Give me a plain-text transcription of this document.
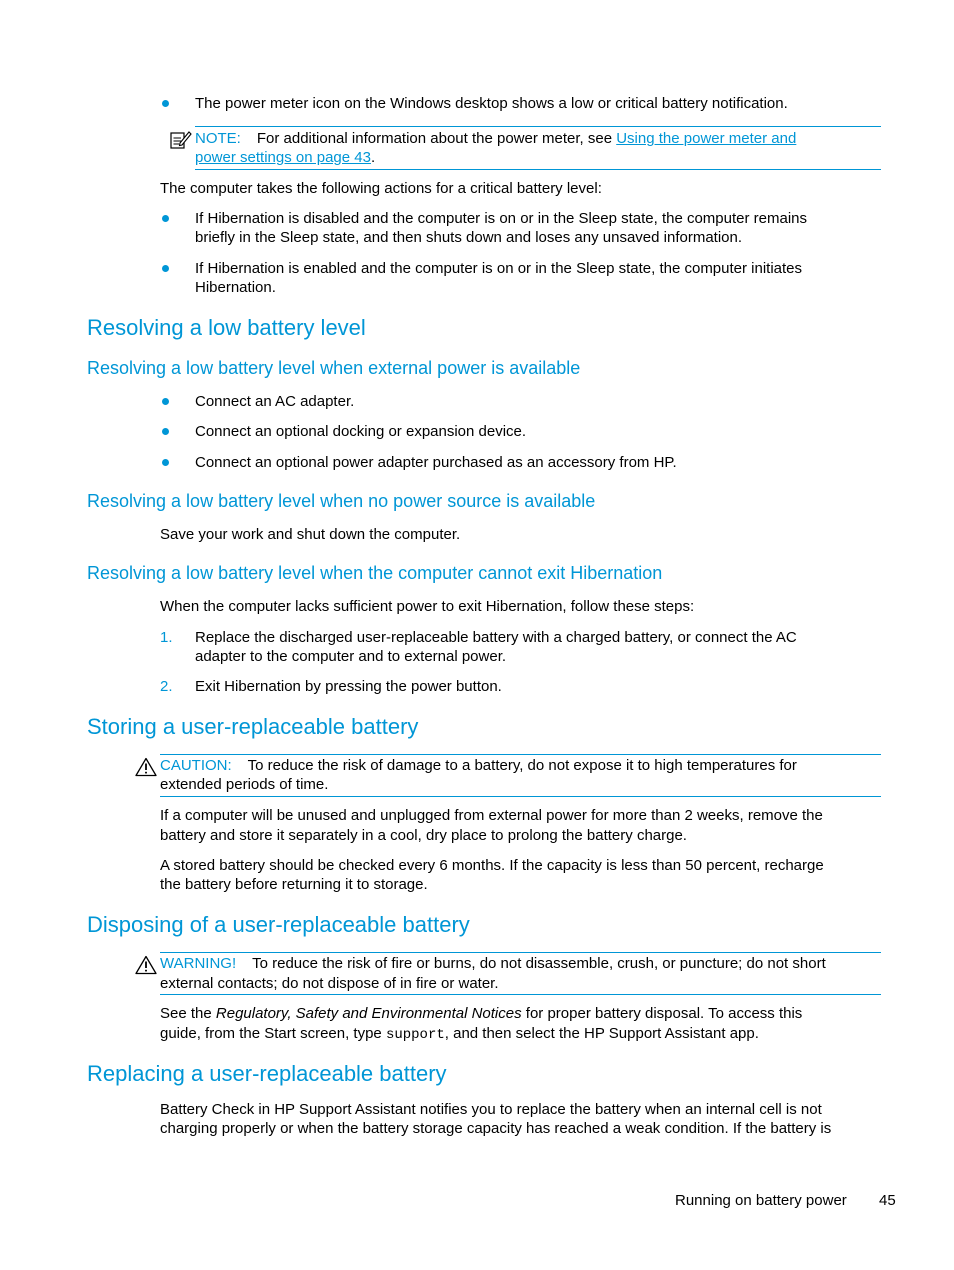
The power meter icon on the Windows desktop shows a low or critical battery notification.
NOTE: For additional information about the power meter, see Using the power meter and
power settings on page 43.
The computer takes the following actions for a critical battery level:
If Hibernation is disabled and the computer is on or in the Sleep state, the computer remains
briefly in the Sleep state, and then shuts down and loses any unsaved information.
If Hibernation is enabled and the computer is on or in the Sleep state, the computer initiates
Hibernation.
Resolving a low battery level
Resolving a low battery level when external power is available
Connect an AC adapter.
Connect an optional docking or expansion device.
Connect an optional power adapter purchased as an accessory from HP.
Resolving a low battery level when no power source is available
Save your work and shut down the computer.
Resolving a low battery level when the computer cannot exit Hibernation
When the computer lacks sufficient power to exit Hibernation, follow these steps:
1. Replace the discharged user-replaceable battery with a charged battery, or connect the AC
adapter to the computer and to external power.
2. Exit Hibernation by pressing the power button.
Storing a user-replaceable battery
CAUTION: To reduce the risk of damage to a battery, do not expose it to high temperatures for
extended periods of time.
If a computer will be unused and unplugged from external power for more than 2 weeks, remove the
battery and store it separately in a cool, dry place to prolong the battery charge.
A stored battery should be checked every 6 months. If the capacity is less than 50 percent, recharge
the battery before returning it to storage.
Disposing of a user-replaceable battery
WARNING! To reduce the risk of fire or burns, do not disassemble, crush, or puncture; do not short
external contacts; do not dispose of in fire or water.
See the Regulatory, Safety and Environmental Notices for proper battery disposal. To access this
guide, from the Start screen, type support, and then select the HP Support Assistant app.
Replacing a user-replaceable battery
Battery Check in HP Support Assistant notifies you to replace the battery when an internal cell is not
charging properly or when the battery storage capacity has reached a weak condition. If the battery is
Running on battery power 45
